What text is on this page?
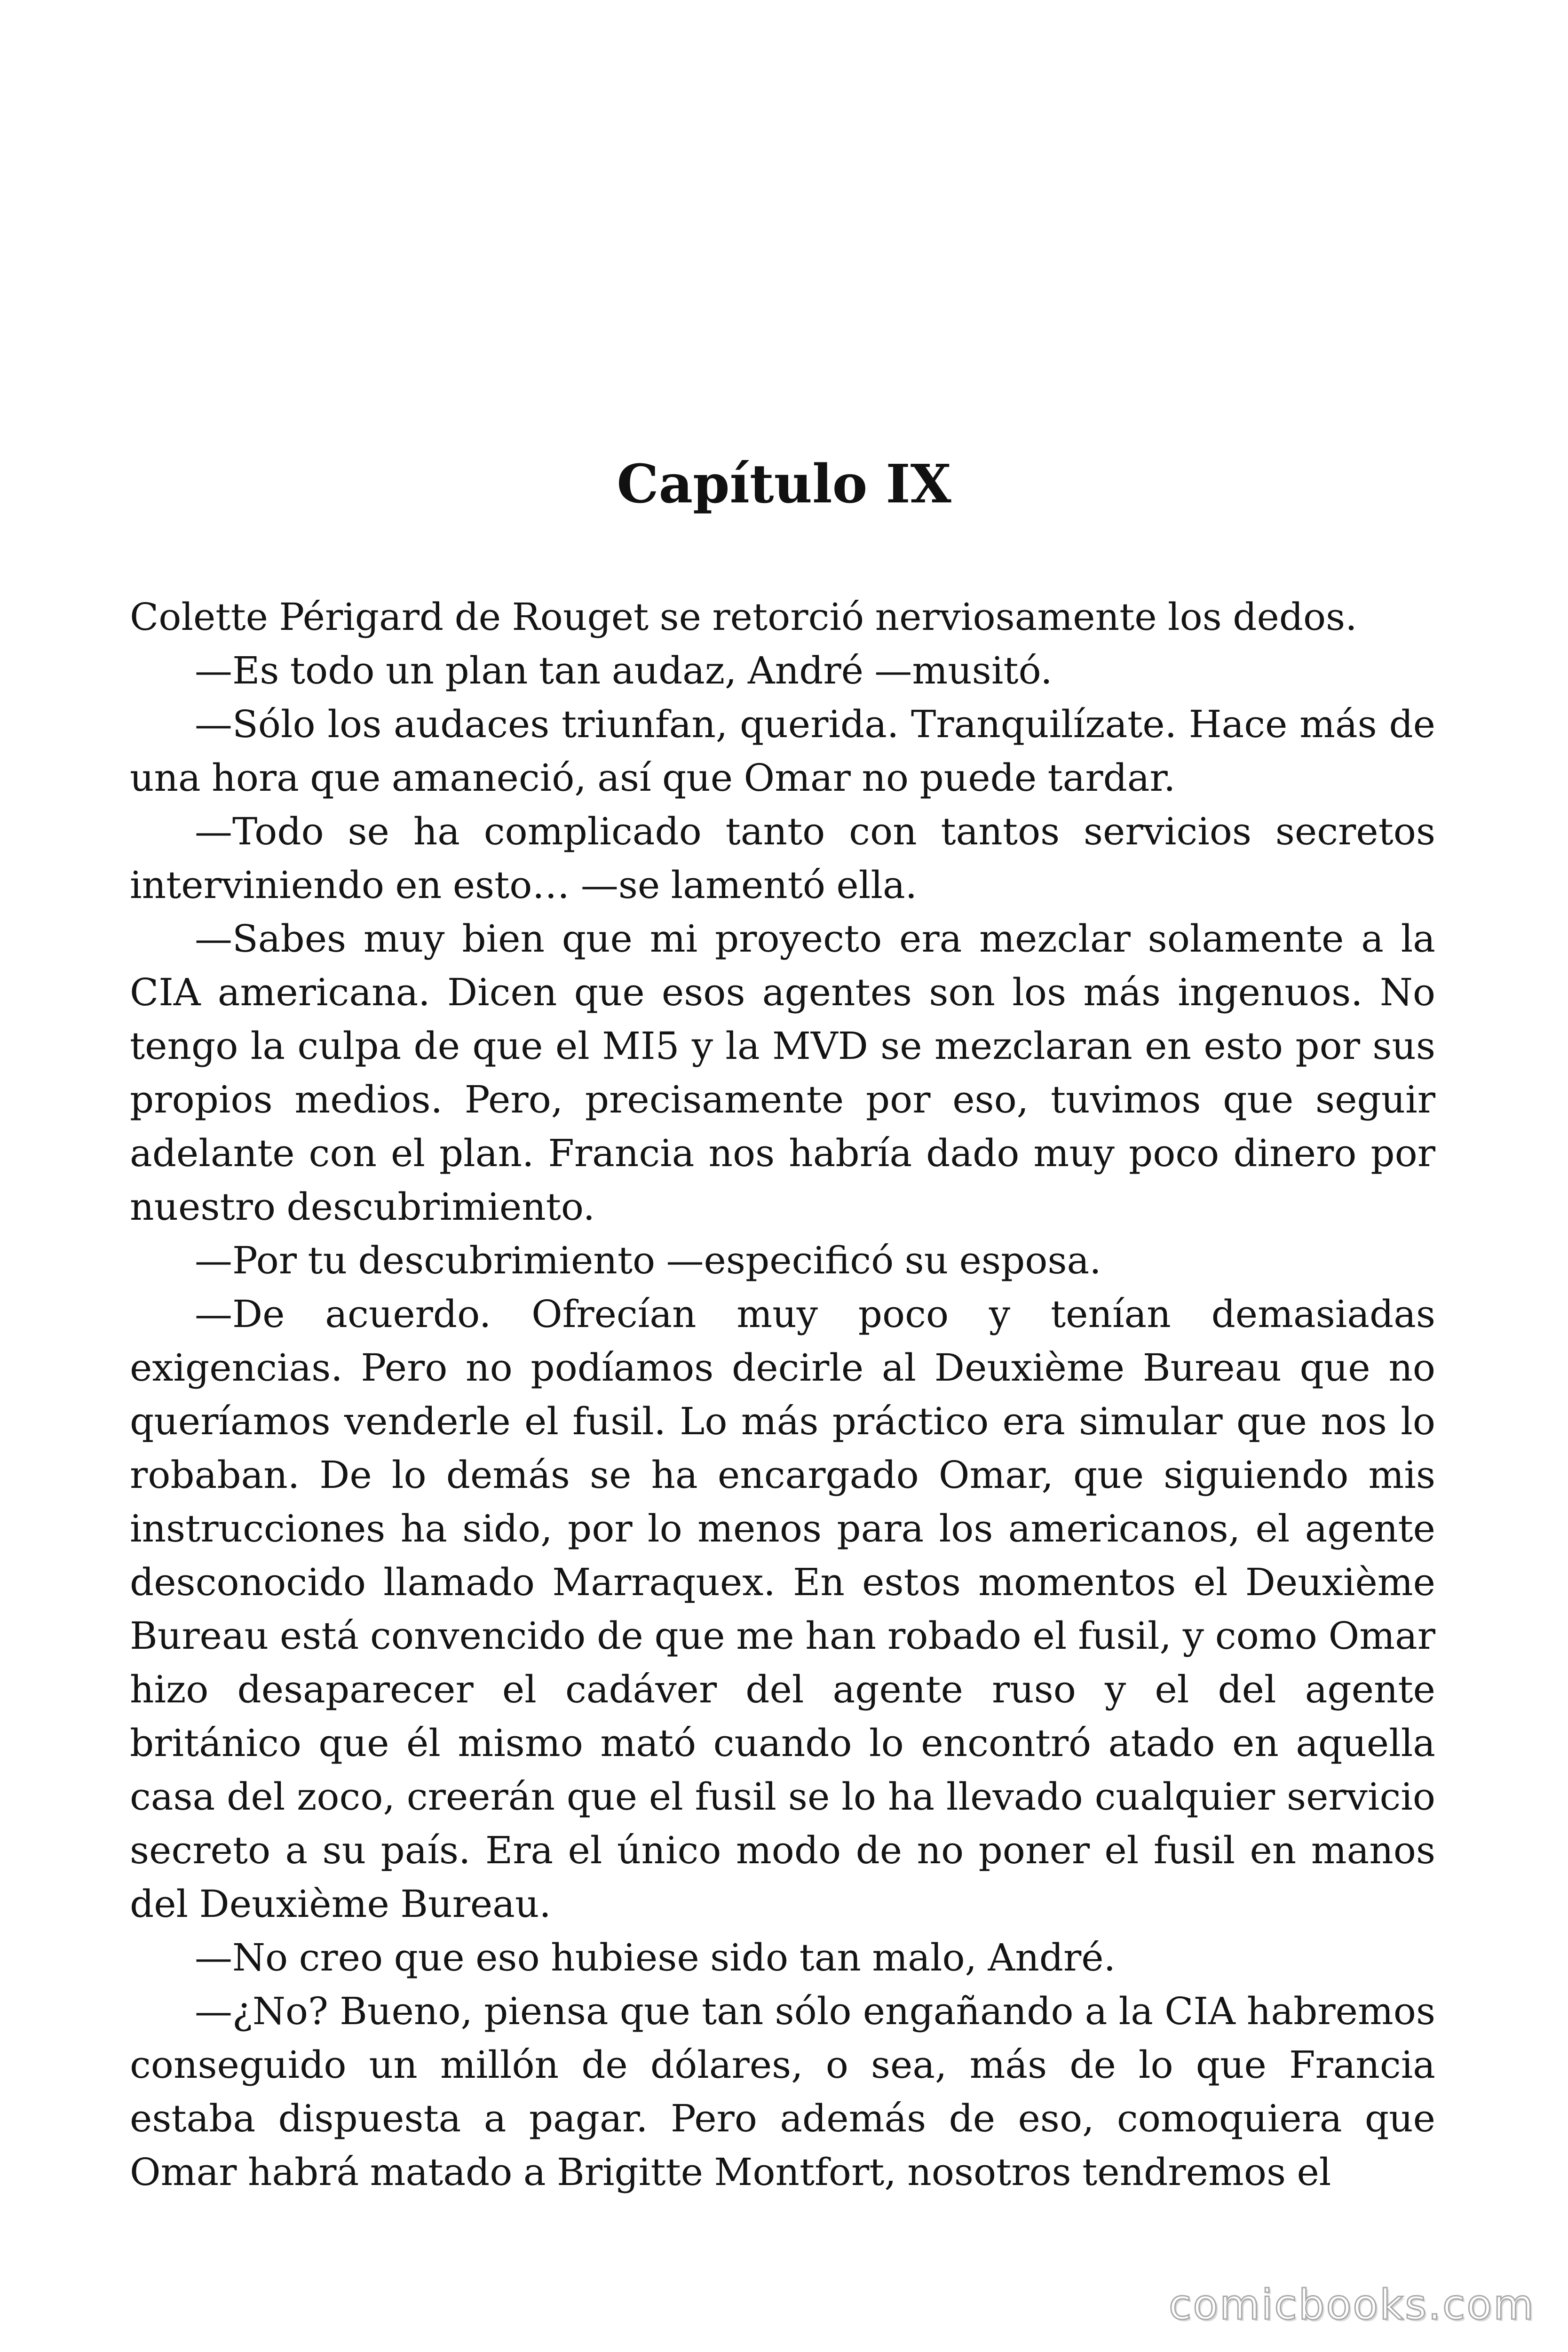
Capítulo IX

Colette Périgard de Rouget se retorció nerviosamente los dedos.

—Es todo un plan tan audaz, André —musitó.

—Sólo los audaces triunfan, querida. Tranquilízate. Hace más de una hora que amaneció, así que Omar no puede tardar.

—Todo se ha complicado tanto con tantos servicios secretos interviniendo en esto… —se lamentó ella.

—Sabes muy bien que mi proyecto era mezclar solamente a la CIA americana. Dicen que esos agentes son los más ingenuos. No tengo la culpa de que el MI5 y la MVD se mezclaran en esto por sus propios medios. Pero, precisamente por eso, tuvimos que seguir adelante con el plan. Francia nos habría dado muy poco dinero por nuestro descubrimiento.

—Por tu descubrimiento —especificó su esposa.

—De acuerdo. Ofrecían muy poco y tenían demasiadas exigencias. Pero no podíamos decirle al Deuxième Bureau que no queríamos venderle el fusil. Lo más práctico era simular que nos lo robaban. De lo demás se ha encargado Omar, que siguiendo mis instrucciones ha sido, por lo menos para los americanos, el agente desconocido llamado Marraquex. En estos momentos el Deuxième Bureau está convencido de que me han robado el fusil, y como Omar hizo desaparecer el cadáver del agente ruso y el del agente británico que él mismo mató cuando lo encontró atado en aquella casa del zoco, creerán que el fusil se lo ha llevado cualquier servicio secreto a su país. Era el único modo de no poner el fusil en manos del Deuxième Bureau.

—No creo que eso hubiese sido tan malo, André.

—¿No? Bueno, piensa que tan sólo engañando a la CIA habremos conseguido un millón de dólares, o sea, más de lo que Francia estaba dispuesta a pagar. Pero además de eso, comoquiera que Omar habrá matado a Brigitte Montfort, nosotros tendremos el

comicbooks.com
